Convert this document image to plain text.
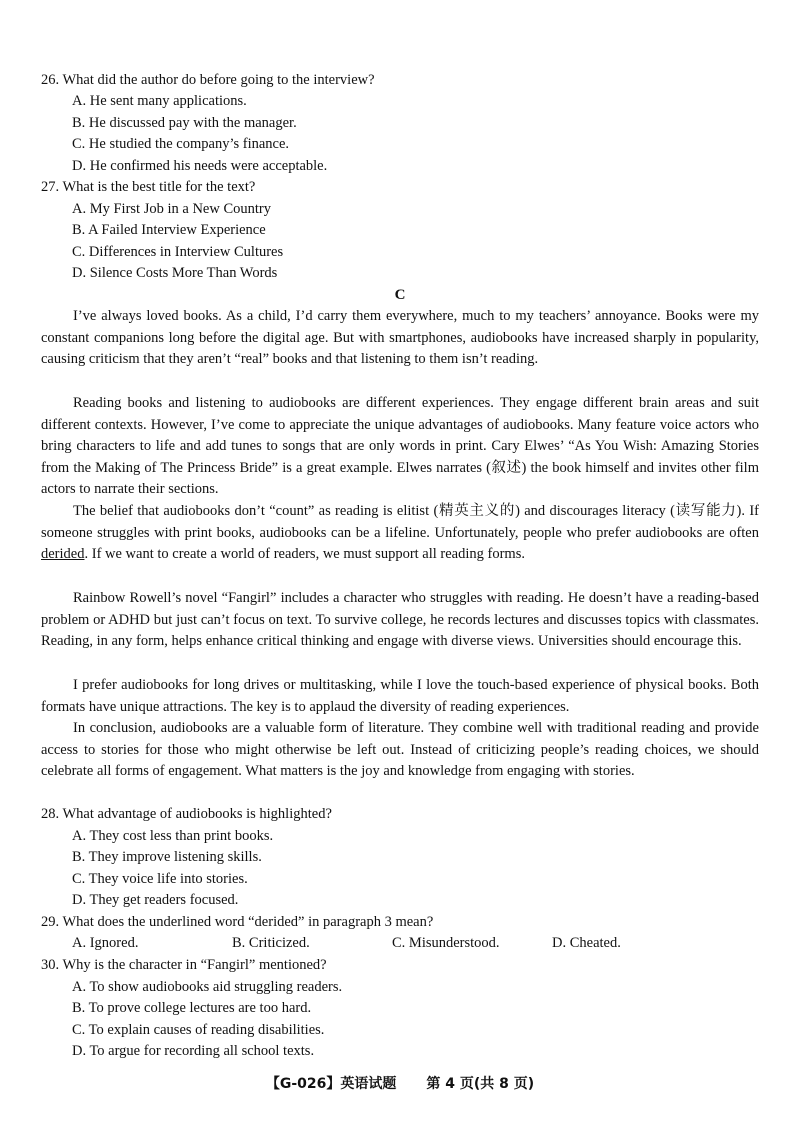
26. What did the author do before going to the interview?
A. He sent many applications.
B. He discussed pay with the manager.
C. He studied the company’s finance.
D. He confirmed his needs were acceptable.
27. What is the best title for the text?
A. My First Job in a New Country
B. A Failed Interview Experience
C. Differences in Interview Cultures
D. Silence Costs More Than Words
C

I’ve always loved books. As a child, I’d carry them everywhere, much to my teachers’ annoyance. Books were my constant companions long before the digital age. But with smartphones, audiobooks have increased sharply in popularity, causing criticism that they aren’t “real” books and that listening to them isn’t reading.

Reading books and listening to audiobooks are different experiences. They engage different brain areas and suit different contexts. However, I’ve come to appreciate the unique advantages of audiobooks. Many feature voice actors who bring characters to life and add tunes to songs that are only words in print. Cary Elwes’ “As You Wish: Amazing Stories from the Making of The Princess Bride” is a great example. Elwes narrates (叙述) the book himself and invites other film actors to narrate their sections.

The belief that audiobooks don’t “count” as reading is elitist (精英主义的) and discourages literacy (读写能力). If someone struggles with print books, audiobooks can be a lifeline. Unfortunately, people who prefer audiobooks are often derided. If we want to create a world of readers, we must support all reading forms.

Rainbow Rowell’s novel “Fangirl” includes a character who struggles with reading. He doesn’t have a reading-based problem or ADHD but just can’t focus on text. To survive college, he records lectures and discusses topics with classmates. Reading, in any form, helps enhance critical thinking and engage with diverse views. Universities should encourage this.

I prefer audiobooks for long drives or multitasking, while I love the touch-based experience of physical books. Both formats have unique attractions. The key is to applaud the diversity of reading experiences.

In conclusion, audiobooks are a valuable form of literature. They combine well with traditional reading and provide access to stories for those who might otherwise be left out. Instead of criticizing people’s reading choices, we should celebrate all forms of engagement. What matters is the joy and knowledge from engaging with stories.

28. What advantage of audiobooks is highlighted?
A. They cost less than print books.
B. They improve listening skills.
C. They voice life into stories.
D. They get readers focused.
29. What does the underlined word “derided” in paragraph 3 mean?
A. Ignored.	B. Criticized.	C. Misunderstood.	D. Cheated.
30. Why is the character in “Fangirl” mentioned?
A. To show audiobooks aid struggling readers.
B. To prove college lectures are too hard.
C. To explain causes of reading disabilities.
D. To argue for recording all school texts.
【G-026】英语试题 第 4 页(共 8 页)
